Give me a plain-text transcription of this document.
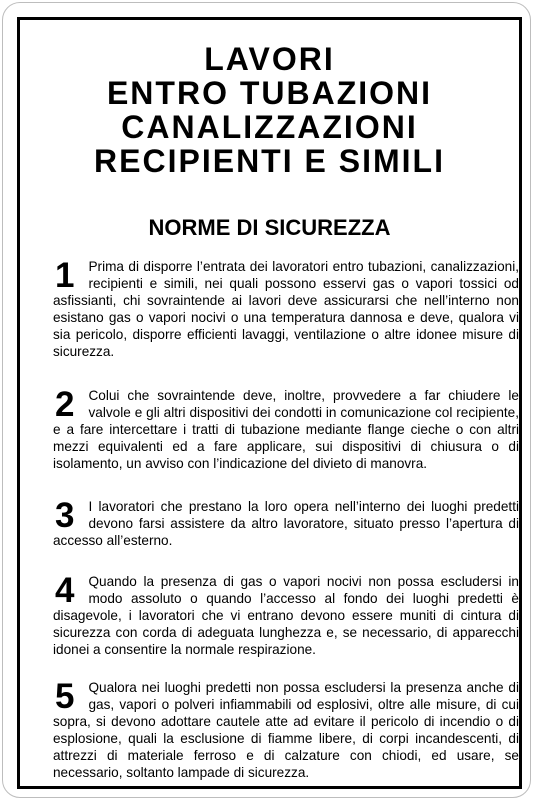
LAVORI
ENTRO TUBAZIONI
CANALIZZAZIONI
RECIPIENTI E SIMILI
NORME DI SICUREZZA

1 Prima di disporre l’entrata dei lavoratori entro tubazioni, canalizzazioni, recipienti e simili, nei quali possono esservi gas o vapori tossici od asfissianti, chi sovraintende ai lavori deve assicurarsi che nell’interno non esistano gas o vapori nocivi o una temperatura dannosa e deve, qualora vi sia pericolo, disporre efficienti lavaggi, ventilazione o altre idonee misure di sicurezza.

2 Colui che sovraintende deve, inoltre, provvedere a far chiudere le valvole e gli altri dispositivi dei condotti in comunicazione col recipiente, e a fare intercettare i tratti di tubazione mediante flange cieche o con altri mezzi equivalenti ed a fare applicare, sui dispositivi di chiusura o di isolamento, un avviso con l’indicazione del divieto di manovra.

3 I lavoratori che prestano la loro opera nell’interno dei luoghi predetti devono farsi assistere da altro lavoratore, situato presso l’apertura di accesso all’esterno.

4 Quando la presenza di gas o vapori nocivi non possa escludersi in modo assoluto o quando l’accesso al fondo dei luoghi predetti è disagevole, i lavoratori che vi entrano devono essere muniti di cintura di sicurezza con corda di adeguata lunghezza e, se necessario, di apparecchi idonei a consentire la normale respirazione.

5 Qualora nei luoghi predetti non possa escludersi la presenza anche di gas, vapori o polveri infiammabili od esplosivi, oltre alle misure, di cui sopra, si devono adottare cautele atte ad evitare il pericolo di incendio o di esplosione, quali la esclusione di fiamme libere, di corpi incandescenti, di attrezzi di materiale ferroso e di calzature con chiodi, ed usare, se necessario, soltanto lampade di sicurezza.
